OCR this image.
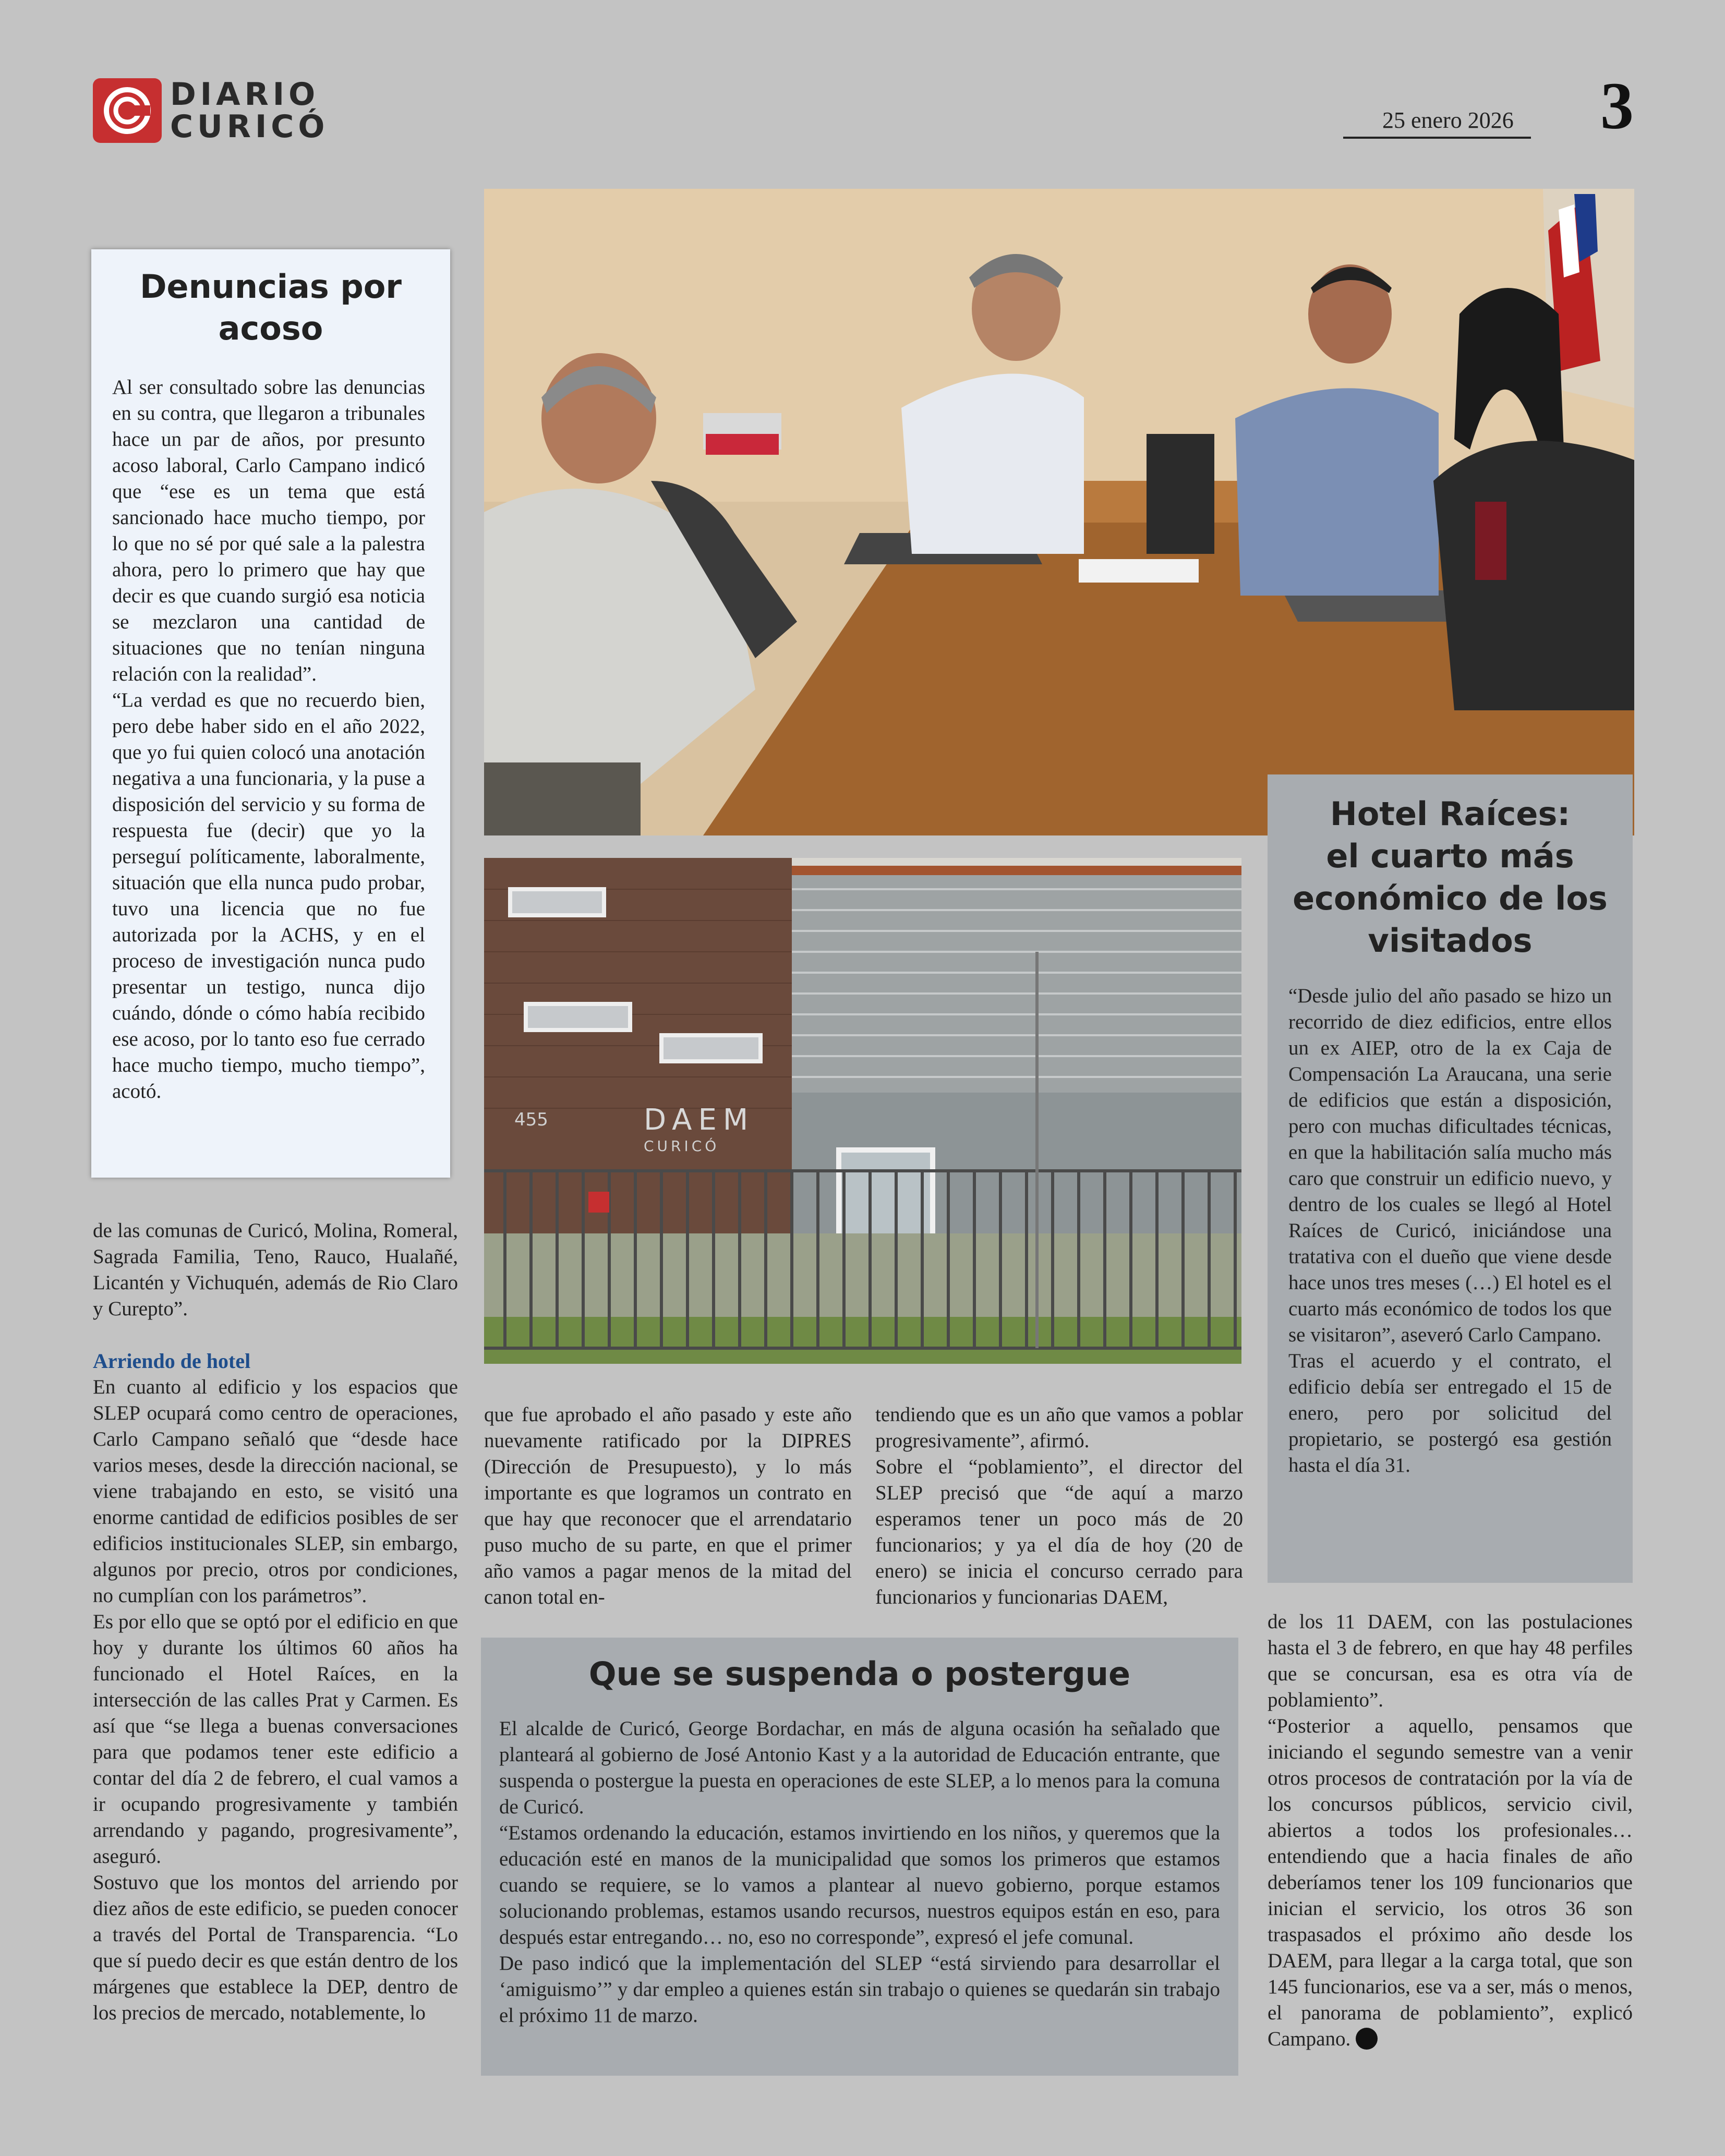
DIARIO
CURICÓ	25 enero 2026 3
Denuncias por
acoso

Al ser consultado sobre las denuncias en su contra, que llegaron a tribunales hace un par de años, por presunto acoso laboral, Carlo Campano indicó que “ese es un tema que está sancionado hace mucho tiempo, por lo que no sé por qué sale a la palestra ahora, pero lo primero que hay que decir es que cuando surgió esa noticia se mezclaron una cantidad de situaciones que no tenían ninguna relación con la realidad”.

“La verdad es que no recuerdo bien, pero debe haber sido en el año 2022, que yo fui quien colocó una anotación negativa a una funcionaria, y la puse a disposición del servicio y su forma de respuesta fue (decir) que yo la perseguí políticamente, laboralmente, situación que ella nunca pudo probar, tuvo una licencia que no fue autorizada por la ACHS, y en el proceso de investigación nunca pudo presentar un testigo, nunca dijo cuándo, dónde o cómo había recibido ese acoso, por lo tanto eso fue cerrado hace mucho tiempo, mucho tiempo”, acotó.

DAEM
CURICÓ
455
Hotel Raíces:
el cuarto más
económico de los
visitados

“Desde julio del año pasado se hizo un recorrido de diez edificios, entre ellos un ex AIEP, otro de la ex Caja de Compensación La Araucana, una serie de edificios que están a disposición, pero con muchas dificultades técnicas, en que la habilitación salía mucho más caro que construir un edificio nuevo, y dentro de los cuales se llegó al Hotel Raíces de Curicó, iniciándose una tratativa con el dueño que viene desde hace unos tres meses (…) El hotel es el cuarto más económico de todos los que se visitaron”, aseveró Carlo Campano.

Tras el acuerdo y el contrato, el edificio debía ser entregado el 15 de enero, pero por solicitud del propietario, se postergó esa gestión hasta el día 31.

de las comunas de Curicó, Molina, Romeral, Sagrada Familia, Teno, Rauco, Hualañé, Licantén y Vichuquén, además de Rio Claro y Curepto”.

Arriendo de hotel

En cuanto al edificio y los espacios que SLEP ocupará como centro de operaciones, Carlo Campano señaló que “desde hace varios meses, desde la dirección nacional, se viene trabajando en esto, se visitó una enorme cantidad de edificios posibles de ser edificios institucionales SLEP, sin embargo, algunos por precio, otros por condiciones, no cumplían con los parámetros”.

Es por ello que se optó por el edificio en que hoy y durante los últimos 60 años ha funcionado el Hotel Raíces, en la intersección de las calles Prat y Carmen. Es así que “se llega a buenas conversaciones para que podamos tener este edificio a contar del día 2 de febrero, el cual vamos a ir ocupando progresivamente y también arrendando y pagando, progresivamente”, aseguró.

Sostuvo que los montos del arriendo por diez años de este edificio, se pueden conocer a través del Portal de Transparencia. “Lo que sí puedo decir es que están dentro de los márgenes que establece la DEP, dentro de los precios de mercado, notablemente, lo

que fue aprobado el año pasado y este año nuevamente ratificado por la DIPRES (Dirección de Presupuesto), y lo más importante es que logramos un contrato en que hay que reconocer que el arrendatario puso mucho de su parte, en que el primer año vamos a pagar menos de la mitad del canon total en-

tendiendo que es un año que vamos a poblar progresivamente”, afirmó.

Sobre el “poblamiento”, el director del SLEP precisó que “de aquí a marzo esperamos tener un poco más de 20 funcionarios; y ya el día de hoy (20 de enero) se inicia el concurso cerrado para funcionarios y funcionarias DAEM,

Que se suspenda o postergue

El alcalde de Curicó, George Bordachar, en más de alguna ocasión ha señalado que planteará al gobierno de José Antonio Kast y a la autoridad de Educación entrante, que suspenda o postergue la puesta en operaciones de este SLEP, a lo menos para la comuna de Curicó.

“Estamos ordenando la educación, estamos invirtiendo en los niños, y queremos que la educación esté en manos de la municipalidad que somos los primeros que estamos cuando se requiere, se lo vamos a plantear al nuevo gobierno, porque estamos solucionando problemas, estamos usando recursos, nuestros equipos están en eso, para después estar entregando… no, eso no corresponde”, expresó el jefe comunal.

De paso indicó que la implementación del SLEP “está sirviendo para desarrollar el ‘amiguismo’” y dar empleo a quienes están sin trabajo o quienes se quedarán sin trabajo el próximo 11 de marzo.

de los 11 DAEM, con las postulaciones hasta el 3 de febrero, en que hay 48 perfiles que se concursan, esa es otra vía de poblamiento”.

“Posterior a aquello, pensamos que iniciando el segundo semestre van a venir otros procesos de contratación por la vía de los concursos públicos, servicio civil, abiertos a todos los profesionales… entendiendo que a hacia finales de año deberíamos tener los 109 funcionarios que inician el servicio, los otros 36 son traspasados el próximo año desde los DAEM, para llegar a la carga total, que son 145 funcionarios, ese va a ser, más o menos, el panorama de poblamiento”, explicó Campano.
